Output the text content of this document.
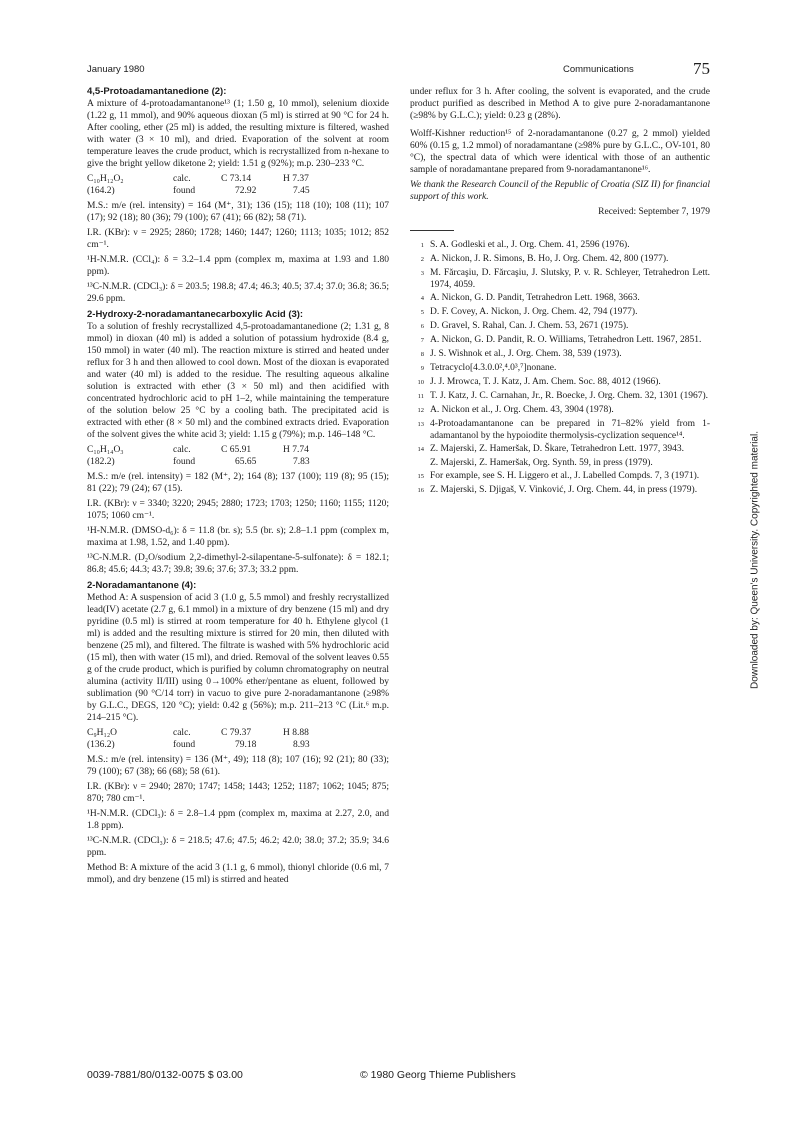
January 1980	Communications	75
4,5-Protoadamantanedione (2):

A mixture of 4-protoadamantanone¹³ (1; 1.50 g, 10 mmol), selenium dioxide (1.22 g, 11 mmol), and 90% aqueous dioxan (5 ml) is stirred at 90 °C for 24 h. After cooling, ether (25 ml) is added, the resulting mixture is filtered, washed with water (3 × 10 ml), and dried. Evaporation of the solvent at room temperature leaves the crude product, which is recrystallized from n-hexane to give the bright yellow diketone 2; yield: 1.51 g (92%); m.p. 230–233 °C.

C₁₀H₁₂O₂	calc.	C 73.14	H 7.37
(164.2)	found	72.92	7.45

M.S.: m/e (rel. intensity) = 164 (M⁺, 31); 136 (15); 118 (10); 108 (11); 107 (17); 92 (18); 80 (36); 79 (100); 67 (41); 66 (82); 58 (71).

I.R. (KBr): ν = 2925; 2860; 1728; 1460; 1447; 1260; 1113; 1035; 1012; 852 cm⁻¹.

¹H-N.M.R. (CCl₄): δ = 3.2–1.4 ppm (complex m, maxima at 1.93 and 1.80 ppm).

¹³C-N.M.R. (CDCl₃): δ = 203.5; 198.8; 47.4; 46.3; 40.5; 37.4; 37.0; 36.8; 36.5; 29.6 ppm.

2-Hydroxy-2-noradamantanecarboxylic Acid (3):

To a solution of freshly recrystallized 4,5-protoadamantanedione (2; 1.31 g, 8 mmol) in dioxan (40 ml) is added a solution of potassium hydroxide (8.4 g, 150 mmol) in water (40 ml). The reaction mixture is stirred and heated under reflux for 3 h and then allowed to cool down. Most of the dioxan is evaporated and water (40 ml) is added to the residue. The resulting aqueous alkaline solution is extracted with ether (3 × 50 ml) and then acidified with concentrated hydrochloric acid to pH 1–2, while maintaining the temperature of the solution below 25 °C by a cooling bath. The precipitated acid is extracted with ether (8 × 50 ml) and the combined extracts dried. Evaporation of the solvent gives the white acid 3; yield: 1.15 g (79%); m.p. 146–148 °C.

C₁₀H₁₄O₃	calc.	C 65.91	H 7.74
(182.2)	found	65.65	7.83

M.S.: m/e (rel. intensity) = 182 (M⁺, 2); 164 (8); 137 (100); 119 (8); 95 (15); 81 (22); 79 (24); 67 (15).

I.R. (KBr): ν = 3340; 3220; 2945; 2880; 1723; 1703; 1250; 1160; 1155; 1120; 1075; 1060 cm⁻¹.

¹H-N.M.R. (DMSO-d₆): δ = 11.8 (br. s); 5.5 (br. s); 2.8–1.1 ppm (complex m, maxima at 1.98, 1.52, and 1.40 ppm).

¹³C-N.M.R. (D₂O/sodium 2,2-dimethyl-2-silapentane-5-sulfonate): δ = 182.1; 86.8; 45.6; 44.3; 43.7; 39.8; 39.6; 37.6; 37.3; 33.2 ppm.

2-Noradamantanone (4):

Method A: A suspension of acid 3 (1.0 g, 5.5 mmol) and freshly recrystallized lead(IV) acetate (2.7 g, 6.1 mmol) in a mixture of dry benzene (15 ml) and dry pyridine (0.5 ml) is stirred at room temperature for 40 h. Ethylene glycol (1 ml) is added and the resulting mixture is stirred for 20 min, then diluted with benzene (25 ml), and filtered. The filtrate is washed with 5% hydrochloric acid (15 ml), then with water (15 ml), and dried. Removal of the solvent leaves 0.55 g of the crude product, which is purified by column chromatography on neutral alumina (activity II/III) using 0→100% ether/pentane as eluent, followed by sublimation (90 °C/14 torr) in vacuo to give pure 2-noradamantanone (≥98% by G.L.C., DEGS, 120 °C); yield: 0.42 g (56%); m.p. 211–213 °C (Lit.⁶ m.p. 214–215 °C).

C₉H₁₂O	calc.	C 79.37	H 8.88
(136.2)	found	79.18	8.93

M.S.: m/e (rel. intensity) = 136 (M⁺, 49); 118 (8); 107 (16); 92 (21); 80 (33); 79 (100); 67 (38); 66 (68); 58 (61).

I.R. (KBr): ν = 2940; 2870; 1747; 1458; 1443; 1252; 1187; 1062; 1045; 875; 870; 780 cm⁻¹.

¹H-N.M.R. (CDCl₃): δ = 2.8–1.4 ppm (complex m, maxima at 2.27, 2.0, and 1.8 ppm).

¹³C-N.M.R. (CDCl₃): δ = 218.5; 47.6; 47.5; 46.2; 42.0; 38.0; 37.2; 35.9; 34.6 ppm.

Method B: A mixture of the acid 3 (1.1 g, 6 mmol), thionyl chloride (0.6 ml, 7 mmol), and dry benzene (15 ml) is stirred and heated

under reflux for 3 h. After cooling, the solvent is evaporated, and the crude product purified as described in Method A to give pure 2-noradamantanone (≥98% by G.L.C.); yield: 0.23 g (28%).

Wolff-Kishner reduction¹⁵ of 2-noradamantanone (0.27 g, 2 mmol) yielded 60% (0.15 g, 1.2 mmol) of noradamantane (≥98% pure by G.L.C., OV-101, 80 °C), the spectral data of which were identical with those of an authentic sample of noradamantane prepared from 9-noradamantanone¹⁶.

We thank the Research Council of the Republic of Croatia (SIZ II) for financial support of this work.

Received: September 7, 1979

1 S. A. Godleski et al., J. Org. Chem. 41, 2596 (1976).
2 A. Nickon, J. R. Simons, B. Ho, J. Org. Chem. 42, 800 (1977).
3 M. Fărcaşiu, D. Fărcaşiu, J. Slutsky, P. v. R. Schleyer, Tetrahedron Lett. 1974, 4059.
4 A. Nickon, G. D. Pandit, Tetrahedron Lett. 1968, 3663.
5 D. F. Covey, A. Nickon, J. Org. Chem. 42, 794 (1977).
6 D. Gravel, S. Rahal, Can. J. Chem. 53, 2671 (1975).
7 A. Nickon, G. D. Pandit, R. O. Williams, Tetrahedron Lett. 1967, 2851.
8 J. S. Wishnok et al., J. Org. Chem. 38, 539 (1973).
9 Tetracyclo[4.3.0.0²,⁴.0³,⁷]nonane.
10 J. J. Mrowca, T. J. Katz, J. Am. Chem. Soc. 88, 4012 (1966).
11 T. J. Katz, J. C. Carnahan, Jr., R. Boecke, J. Org. Chem. 32, 1301 (1967).
12 A. Nickon et al., J. Org. Chem. 43, 3904 (1978).
13 4-Protoadamantanone can be prepared in 71–82% yield from 1-adamantanol by the hypoiodite thermolysis-cyclization sequence¹⁴.
14 Z. Majerski, Z. Hameršak, D. Škare, Tetrahedron Lett. 1977, 3943.
Z. Majerski, Z. Hameršak, Org. Synth. 59, in press (1979).
15 For example, see S. H. Liggero et al., J. Labelled Compds. 7, 3 (1971).
16 Z. Majerski, S. Djigaš, V. Vinković, J. Org. Chem. 44, in press (1979).
0039-7881/80/0132-0075 $ 03.00	© 1980 Georg Thieme Publishers
Downloaded by: Queen's University. Copyrighted material.
